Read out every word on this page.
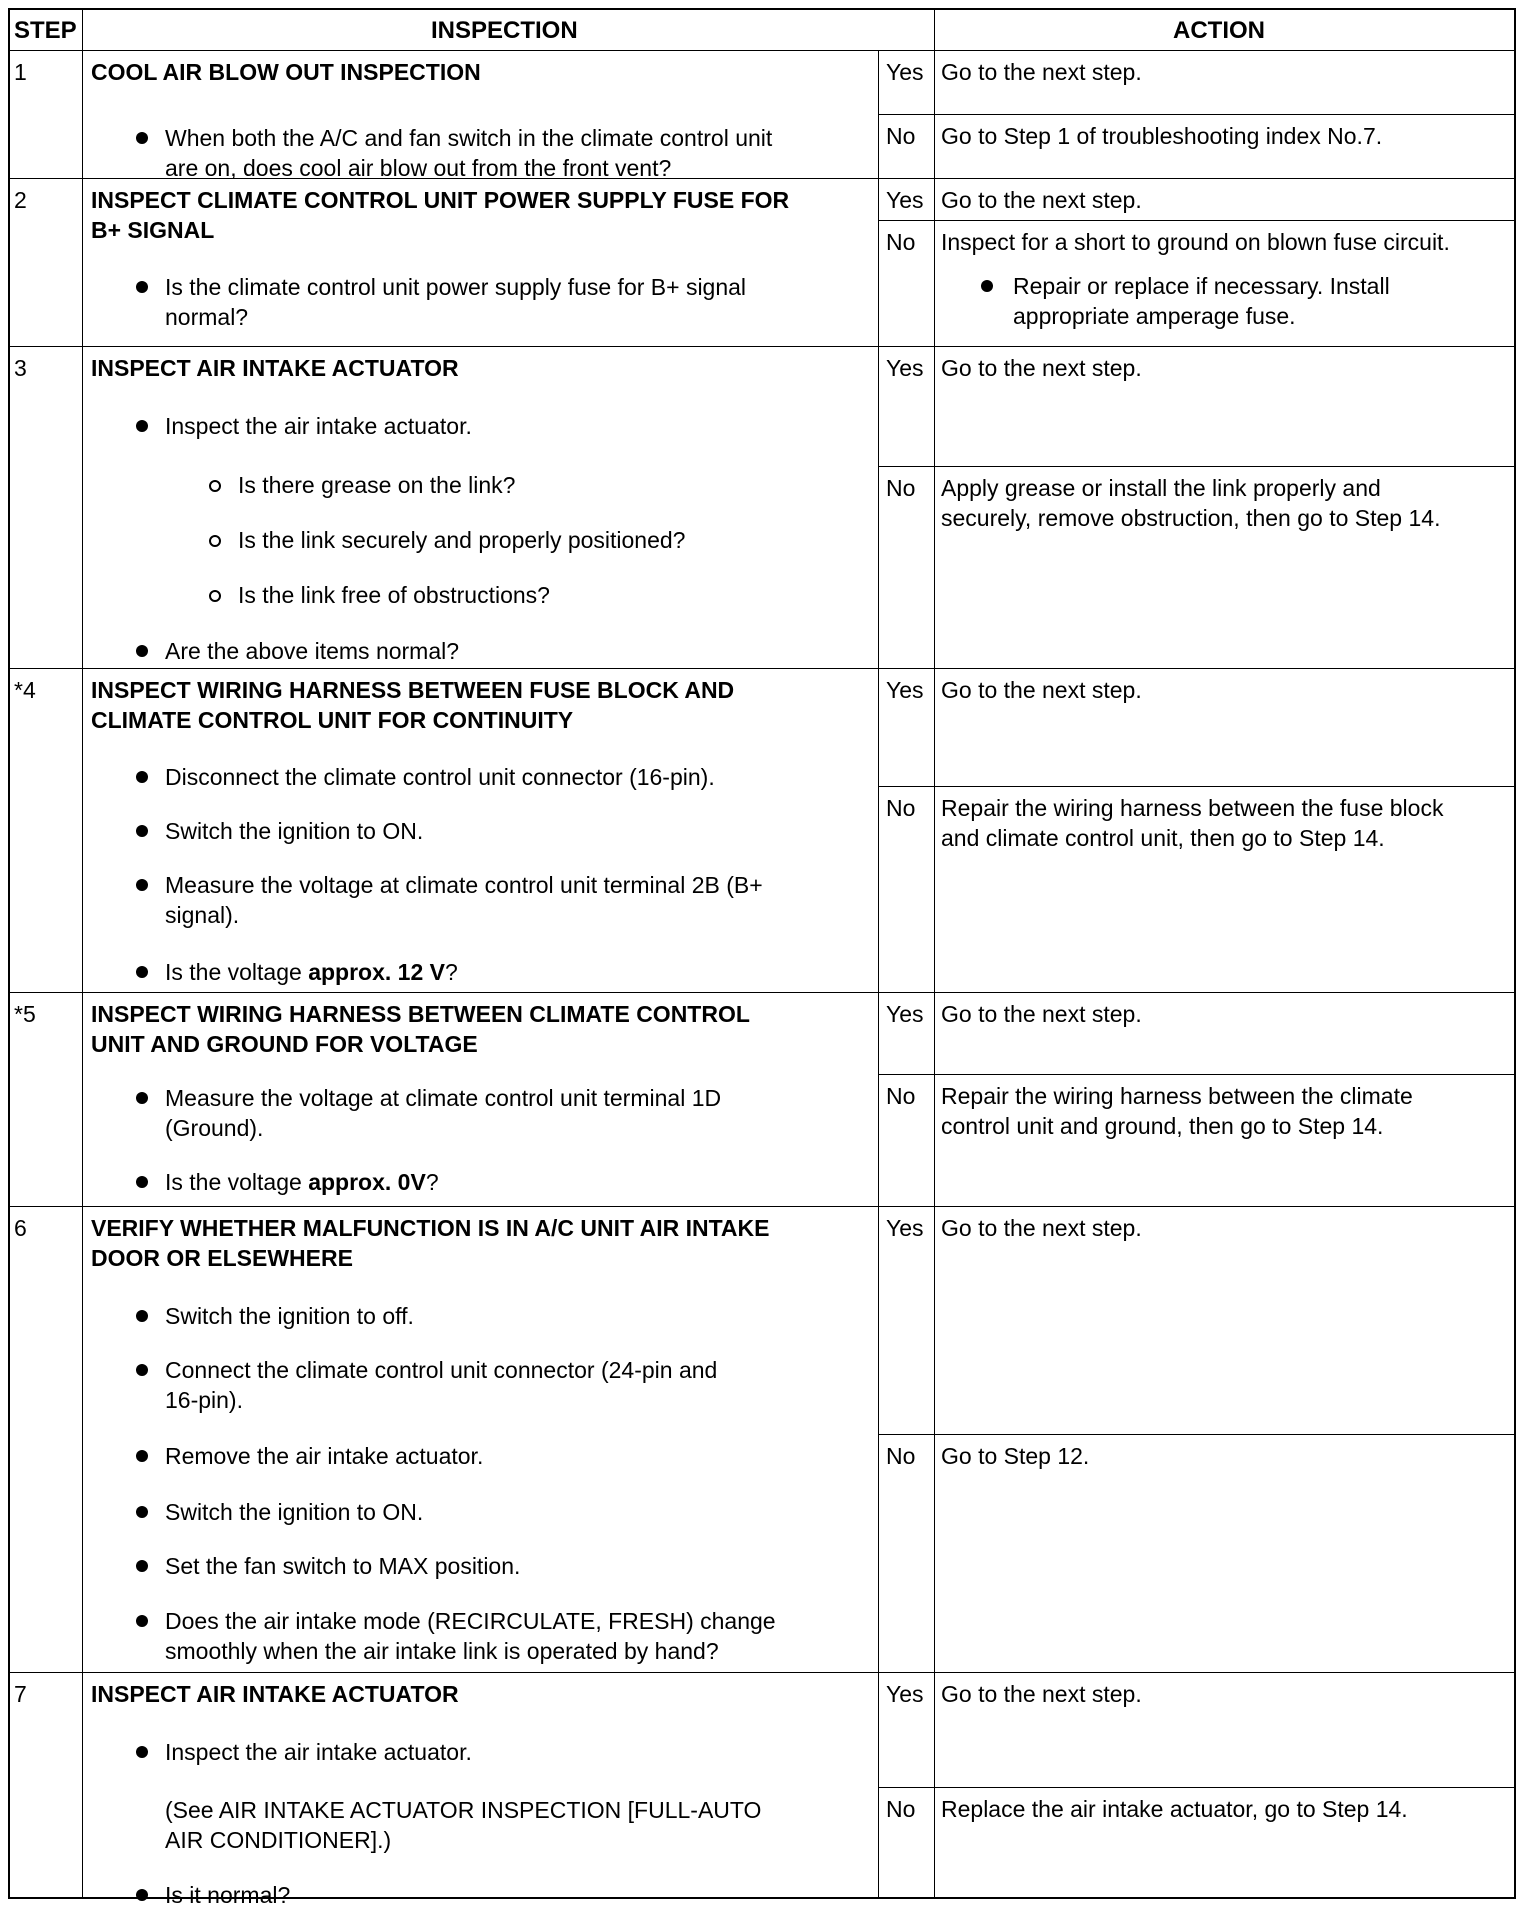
STEP	INSPECTION	ACTION
1	COOL AIR BLOW OUT INSPECTION
When both the A/C and fan switch in the climate control unit
are on, does cool air blow out from the front vent?
Yes Go to the next step.
No Go to Step 1 of troubleshooting index No.7.
2	INSPECT CLIMATE CONTROL UNIT POWER SUPPLY FUSE FOR
B+ SIGNAL
Is the climate control unit power supply fuse for B+ signal
normal?
Yes Go to the next step.
No Inspect for a short to ground on blown fuse circuit.
Repair or replace if necessary. Install
appropriate amperage fuse.
3	INSPECT AIR INTAKE ACTUATOR
Inspect the air intake actuator.
Is there grease on the link?
Is the link securely and properly positioned?
Is the link free of obstructions?
Are the above items normal?
Yes Go to the next step.
No Apply grease or install the link properly and
securely, remove obstruction, then go to Step 14.
*4 INSPECT WIRING HARNESS BETWEEN FUSE BLOCK AND
CLIMATE CONTROL UNIT FOR CONTINUITY
Disconnect the climate control unit connector (16-pin).
Switch the ignition to ON.
Measure the voltage at climate control unit terminal 2B (B+
signal).
Is the voltage approx. 12 V?
Yes Go to the next step.
No Repair the wiring harness between the fuse block
and climate control unit, then go to Step 14.
*5 INSPECT WIRING HARNESS BETWEEN CLIMATE CONTROL
UNIT AND GROUND FOR VOLTAGE
Measure the voltage at climate control unit terminal 1D
(Ground).
Is the voltage approx. 0V?
Yes Go to the next step.
No Repair the wiring harness between the climate
control unit and ground, then go to Step 14.
6	VERIFY WHETHER MALFUNCTION IS IN A/C UNIT AIR INTAKE
DOOR OR ELSEWHERE
Switch the ignition to off.
Connect the climate control unit connector (24-pin and
16-pin).
Remove the air intake actuator.
Switch the ignition to ON.
Set the fan switch to MAX position.
Does the air intake mode (RECIRCULATE, FRESH) change
smoothly when the air intake link is operated by hand?
Yes Go to the next step.
No Go to Step 12.
7	INSPECT AIR INTAKE ACTUATOR
Inspect the air intake actuator.
(See AIR INTAKE ACTUATOR INSPECTION [FULL-AUTO
AIR CONDITIONER].)
Is it normal?
Yes Go to the next step.
No Replace the air intake actuator, go to Step 14.
